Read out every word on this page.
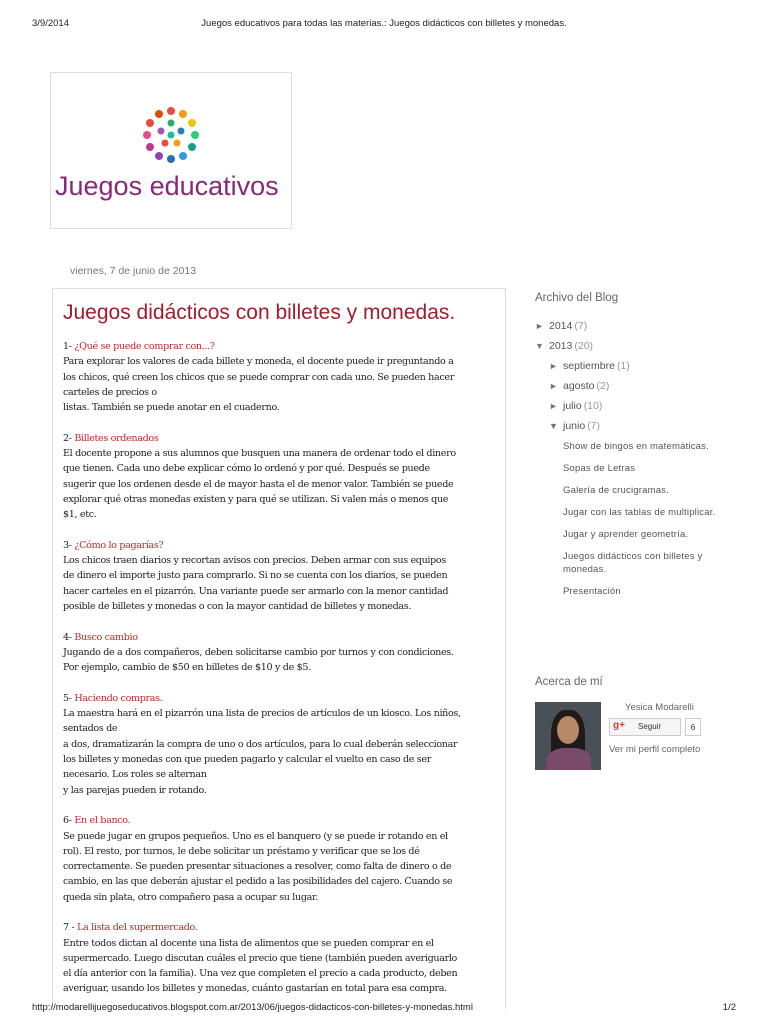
3/9/2014	Juegos educativos para todas las materias.: Juegos didácticos con billetes y monedas.
Juegos educativos
viernes, 7 de junio de 2013
Juegos didácticos con billetes y monedas.
1- ¿Qué se puede comprar con...?
Para explorar los valores de cada billete y moneda, el docente puede ir preguntando a
los chicos, qué creen los chicos que se puede comprar con cada uno. Se pueden hacer
carteles de precios o
listas. También se puede anotar en el cuaderno.
2- Billetes ordenados
El docente propone a sus alumnos que busquen una manera de ordenar todo el dinero
que tienen. Cada uno debe explicar cómo lo ordenó y por qué. Después se puede
sugerir que los ordenen desde el de mayor hasta el de menor valor. También se puede
explorar qué otras monedas existen y para qué se utilizan. Si valen más o menos que
$1, etc.
3- ¿Cómo lo pagarías?
Los chicos traen diarios y recortan avisos con precios. Deben armar con sus equipos
de dinero el importe justo para comprarlo. Si no se cuenta con los diarios, se pueden
hacer carteles en el pizarrón. Una variante puede ser armarlo con la menor cantidad
posible de billetes y monedas o con la mayor cantidad de billetes y monedas.
4- Busco cambio
Jugando de a dos compañeros, deben solicitarse cambio por turnos y con condiciones.
Por ejemplo, cambio de $50 en billetes de $10 y de $5.
5- Haciendo compras.
La maestra hará en el pizarrón una lista de precios de artículos de un kiosco. Los niños,
sentados de
a dos, dramatizarán la compra de uno o dos artículos, para lo cual deberán seleccionar
los billetes y monedas con que pueden pagarlo y calcular el vuelto en caso de ser
necesario. Los roles se alternan
y las parejas pueden ir rotando.
6- En el banco.
Se puede jugar en grupos pequeños. Uno es el banquero (y se puede ir rotando en el
rol). El resto, por turnos, le debe solicitar un préstamo y verificar que se los dé
correctamente. Se pueden presentar situaciones a resolver, como falta de dinero o de
cambio, en las que deberán ajustar el pedido a las posibilidades del cajero. Cuando se
queda sin plata, otro compañero pasa a ocupar su lugar.
7 - La lista del supermercado.
Entre todos dictan al docente una lista de alimentos que se pueden comprar en el
supermercado. Luego discutan cuáles el precio que tiene (también pueden averiguarlo
el día anterior con la familia). Una vez que completen el precio a cada producto, deben
averiguar, usando los billetes y monedas, cuánto gastarían en total para esa compra.
Archivo del Blog
► 2014 (7)
▼ 2013 (20)
► septiembre (1)
► agosto (2)
► julio (10)
▼ junio (7)
Show de bingos en matemáticas.
Sopas de Letras
Galería de crucigramas.
Jugar con las tablas de multiplicar.
Jugar y aprender geometría.
Juegos didácticos con billetes y monedas.
Presentación
Acerca de mí
Yesica Modarelli
g+ Seguir	6
Ver mi perfil completo
http://modarellijuegoseducativos.blogspot.com.ar/2013/06/juegos-didacticos-con-billetes-y-monedas.html	1/2
